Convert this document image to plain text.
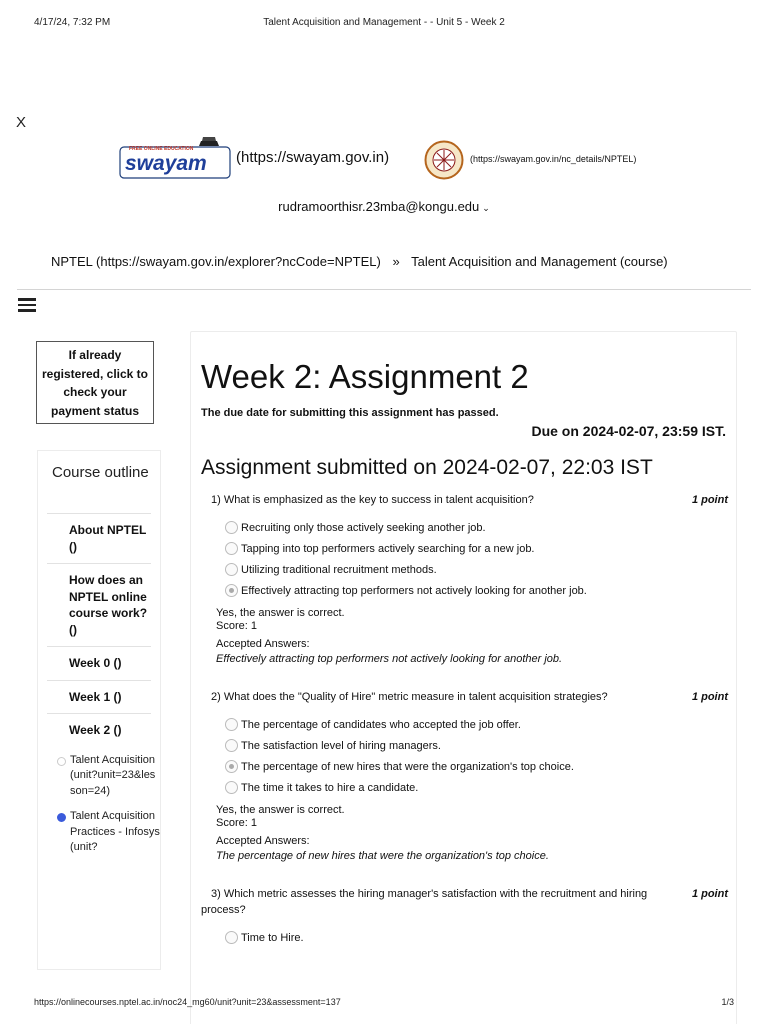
4/17/24, 7:32 PM	Talent Acquisition and Management - - Unit 5 - Week 2
X
FREE ONLINE EDUCATION
swayam (https://swayam.gov.in)	(https://swayam.gov.in/nc_details/NPTEL)
rudramoorthisr.23mba@kongu.edu ⌄
NPTEL (https://swayam.gov.in/explorer?ncCode=NPTEL) » Talent Acquisition and Management (course)
If already registered, click to check your payment status
Course outline
About NPTEL ()
How does an NPTEL online course work? ()
Week 0 ()
Week 1 ()
Week 2 ()
Talent Acquisition (unit?unit=23&lesson=24)
Talent Acquisition Practices - Infosys (unit?
Week 2: Assignment 2
The due date for submitting this assignment has passed.
Due on 2024-02-07, 23:59 IST.
Assignment submitted on 2024-02-07, 22:03 IST
1) What is emphasized as the key to success in talent acquisition?	1 point
Recruiting only those actively seeking another job.
Tapping into top performers actively searching for a new job.
Utilizing traditional recruitment methods.
Effectively attracting top performers not actively looking for another job.
Yes, the answer is correct.
Score: 1
Accepted Answers:
Effectively attracting top performers not actively looking for another job.
2) What does the "Quality of Hire" metric measure in talent acquisition strategies?	1 point
The percentage of candidates who accepted the job offer.
The satisfaction level of hiring managers.
The percentage of new hires that were the organization's top choice.
The time it takes to hire a candidate.
Yes, the answer is correct.
Score: 1
Accepted Answers:
The percentage of new hires that were the organization's top choice.
3) Which metric assesses the hiring manager's satisfaction with the recruitment and hiring process?
1 point
Time to Hire.
https://onlinecourses.nptel.ac.in/noc24_mg60/unit?unit=23&assessment=137	1/3
